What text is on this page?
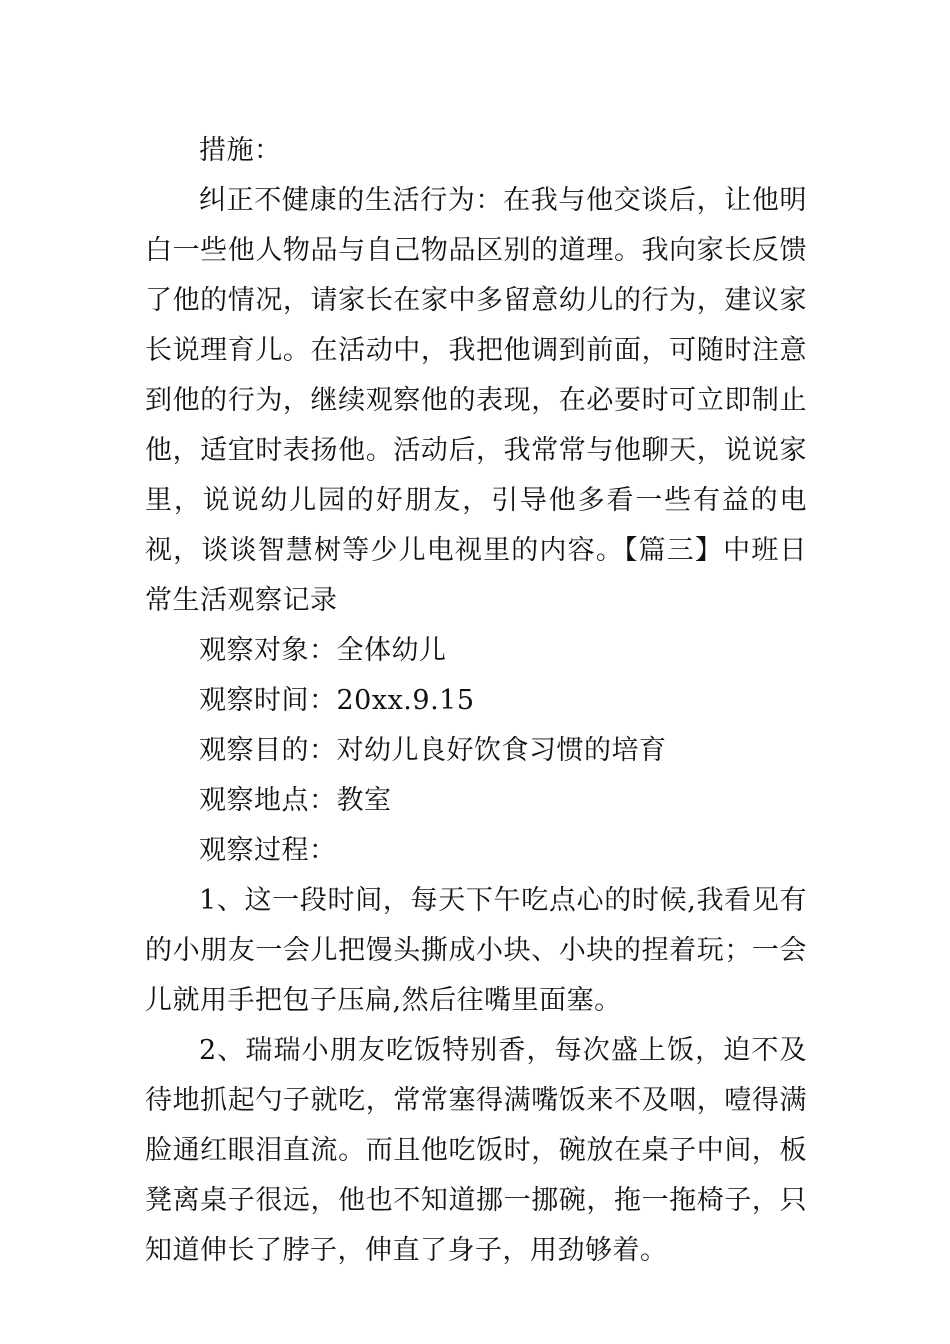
措施：

纠正不健康的生活行为：在我与他交谈后，让他明白一些他人物品与自己物品区别的道理。我向家长反馈了他的情况，请家长在家中多留意幼儿的行为，建议家长说理育儿。在活动中，我把他调到前面，可随时注意到他的行为，继续观察他的表现，在必要时可立即制止他，适宜时表扬他。活动后，我常常与他聊天，说说家里，说说幼儿园的好朋友，引导他多看一些有益的电视，谈谈智慧树等少儿电视里的内容。【篇三】中班日常生活观察记录

观察对象：全体幼儿

观察时间：20xx.9.15

观察目的：对幼儿良好饮食习惯的培育

观察地点：教室

观察过程：

1、这一段时间，每天下午吃点心的时候,我看见有的小朋友一会儿把馒头撕成小块、小块的捏着玩；一会儿就用手把包子压扁,然后往嘴里面塞。

2、瑞瑞小朋友吃饭特别香，每次盛上饭，迫不及待地抓起勺子就吃，常常塞得满嘴饭来不及咽，噎得满脸通红眼泪直流。而且他吃饭时，碗放在桌子中间，板凳离桌子很远，他也不知道挪一挪碗，拖一拖椅子，只知道伸长了脖子，伸直了身子，用劲够着。
